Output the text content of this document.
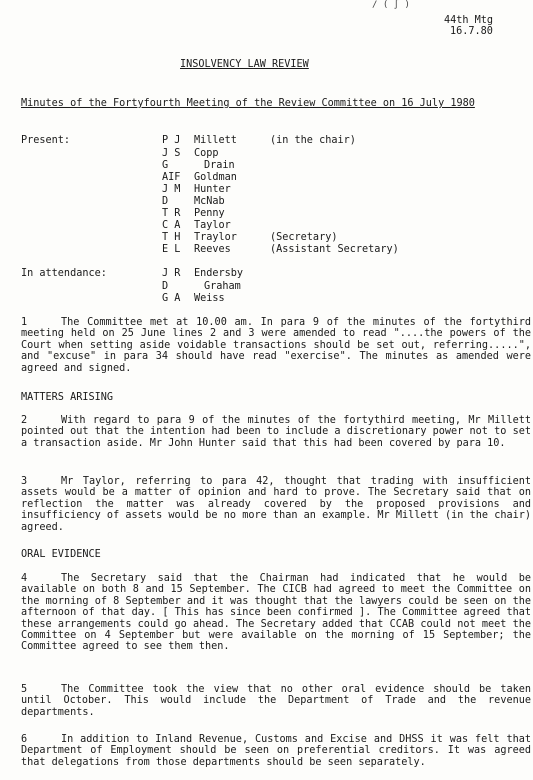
/ ( ∫ )
44th Mtg
16.7.80
INSOLVENCY LAW REVIEW
Minutes of the Fortyfourth Meeting of the Review Committee on 16 July 1980
Present:	P J Millett	(in the chair)
J S Copp
G	Drain
AIF Goldman
J M Hunter
D	McNab
T R Penny
C A Taylor
T H Traylor	(Secretary)
E L Reeves	(Assistant Secretary)
In attendance:	J R Endersby
D	Graham
G A Weiss
1	The Committee met at 10.00 am. In para 9 of the minutes of the fortythird meeting held on 25 June lines 2 and 3 were amended to read "....the powers of the Court when setting aside voidable transactions should be set out, referring.....", and "excuse" in para 34 should have read "exercise". The minutes as amended were agreed and signed.
MATTERS ARISING
2	With regard to para 9 of the minutes of the fortythird meeting, Mr Millett pointed out that the intention had been to include a discretionary power not to set a transaction aside. Mr John Hunter said that this had been covered by para 10.
3	Mr Taylor, referring to para 42, thought that trading with insufficient assets would be a matter of opinion and hard to prove. The Secretary said that on reflection the matter was already covered by the proposed provisions and insufficiency of assets would be no more than an example. Mr Millett (in the chair) agreed.
ORAL EVIDENCE
4	The Secretary said that the Chairman had indicated that he would be available on both 8 and 15 September. The CICB had agreed to meet the Committee on the morning of 8 September and it was thought that the lawyers could be seen on the afternoon of that day. [ This has since been confirmed ]. The Committee agreed that these arrangements could go ahead. The Secretary added that CCAB could not meet the Committee on 4 September but were available on the morning of 15 September; the Committee agreed to see them then.
5	The Committee took the view that no other oral evidence should be taken until October. This would include the Department of Trade and the revenue departments.
6	In addition to Inland Revenue, Customs and Excise and DHSS it was felt that Department of Employment should be seen on preferential creditors. It was agreed that delegations from those departments should be seen separately.
